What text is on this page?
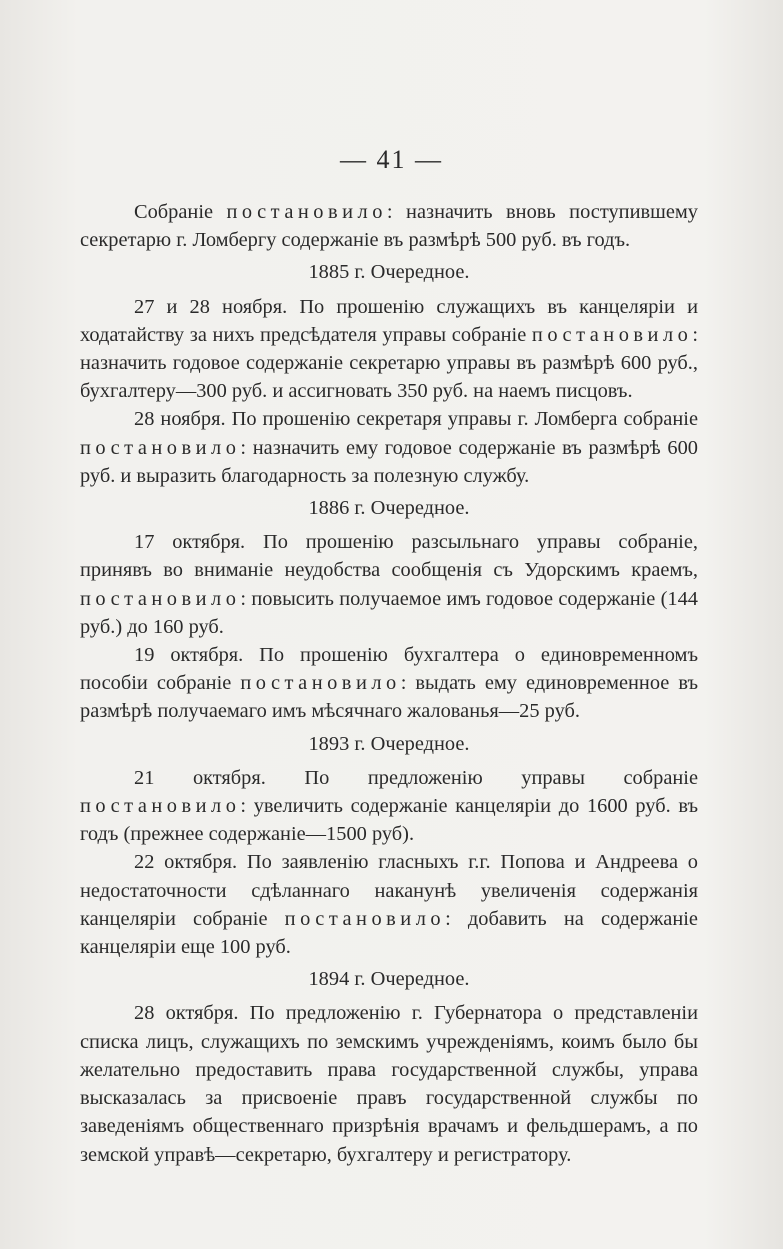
— 41 —

Собраніе постановило: назначить вновь поступившему секретарю г. Ломбергу содержаніе въ размѣрѣ 500 руб. въ годъ.

1885 г. Очередное.

27 и 28 ноября. По прошенію служащихъ въ канцеляріи и ходатайству за нихъ предсѣдателя управы собраніе постановило: назначить годовое содержаніе секретарю управы въ размѣрѣ 600 руб., бухгалтеру—300 руб. и ассигновать 350 руб. на наемъ писцовъ.

28 ноября. По прошенію секретаря управы г. Ломберга собраніе постановило: назначить ему годовое содержаніе въ размѣрѣ 600 руб. и выразить благодарность за полезную службу.

1886 г. Очередное.

17 октября. По прошенію разсыльнаго управы собраніе, принявъ во вниманіе неудобства сообщенія съ Удорскимъ краемъ, постановило: повысить получаемое имъ годовое содержаніе (144 руб.) до 160 руб.

19 октября. По прошенію бухгалтера о единовременномъ пособіи собраніе постановило: выдать ему единовременное въ размѣрѣ получаемаго имъ мѣсячнаго жалованья—25 руб.

1893 г. Очередное.

21 октября. По предложенію управы собраніе постановило: увеличить содержаніе канцеляріи до 1600 руб. въ годъ (прежнее содержаніе—1500 руб).

22 октября. По заявленію гласныхъ г.г. Попова и Андреева о недостаточности сдѣланнаго наканунѣ увеличенія содержанія канцеляріи собраніе постановило: добавить на содержаніе канцеляріи еще 100 руб.

1894 г. Очередное.

28 октября. По предложенію г. Губернатора о представленіи списка лицъ, служащихъ по земскимъ учрежденіямъ, коимъ было бы желательно предоставить права государственной службы, управа высказалась за присвоеніе правъ государственной службы по заведеніямъ общественнаго призрѣнія врачамъ и фельдшерамъ, а по земской управѣ—секретарю, бухгалтеру и регистратору.
